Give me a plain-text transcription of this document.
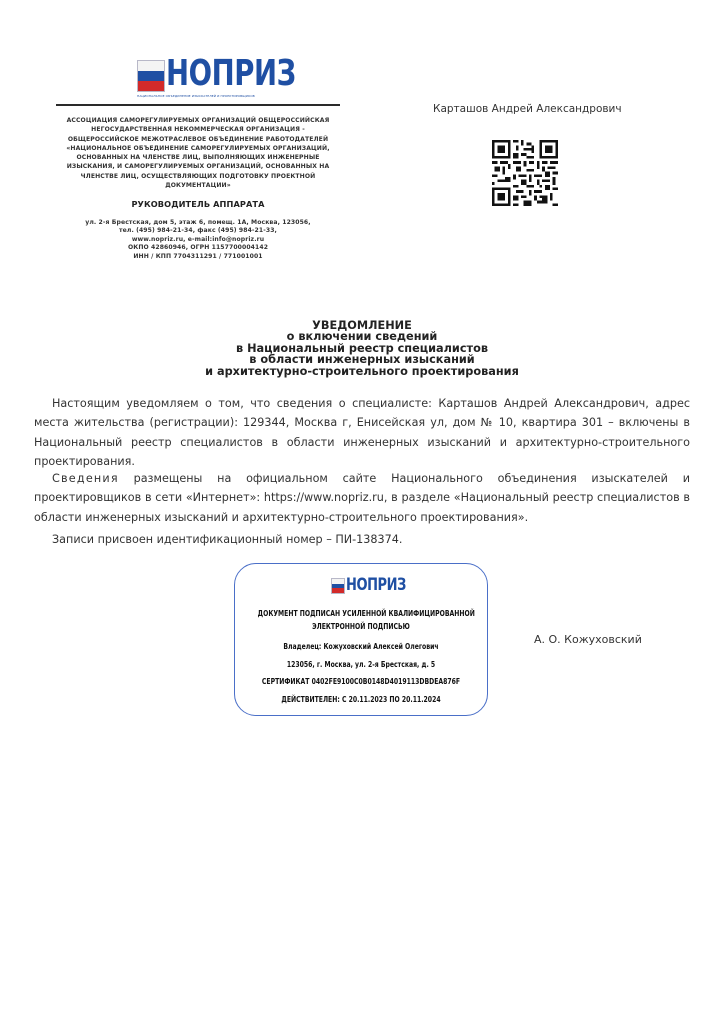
НОПРИЗ
НАЦИОНАЛЬНОЕ ОБЪЕДИНЕНИЕ ИЗЫСКАТЕЛЕЙ И ПРОЕКТИРОВЩИКОВ
АССОЦИАЦИЯ САМОРЕГУЛИРУЕМЫХ ОРГАНИЗАЦИЙ ОБЩЕРОССИЙСКАЯ
НЕГОСУДАРСТВЕННАЯ НЕКОММЕРЧЕСКАЯ ОРГАНИЗАЦИЯ -
ОБЩЕРОССИЙСКОЕ МЕЖОТРАСЛЕВОЕ ОБЪЕДИНЕНИЕ РАБОТОДАТЕЛЕЙ
«НАЦИОНАЛЬНОЕ ОБЪЕДИНЕНИЕ САМОРЕГУЛИРУЕМЫХ ОРГАНИЗАЦИЙ,
ОСНОВАННЫХ НА ЧЛЕНСТВЕ ЛИЦ, ВЫПОЛНЯЮЩИХ ИНЖЕНЕРНЫЕ
ИЗЫСКАНИЯ, И САМОРЕГУЛИРУЕМЫХ ОРГАНИЗАЦИЙ, ОСНОВАННЫХ НА
ЧЛЕНСТВЕ ЛИЦ, ОСУЩЕСТВЛЯЮЩИХ ПОДГОТОВКУ ПРОЕКТНОЙ
ДОКУМЕНТАЦИИ»
РУКОВОДИТЕЛЬ АППАРАТА
ул. 2-я Брестская, дом 5, этаж 6, помещ. 1А, Москва, 123056,
тел. (495) 984-21-34, факс (495) 984-21-33,
www.nopriz.ru, e-mail:info@nopriz.ru
ОКПО 42860946, ОГРН 1157700004142
ИНН / КПП 7704311291 / 771001001
Карташов Андрей Александрович
УВЕДОМЛЕНИЕ
о включении сведений
в Национальный реестр специалистов
в области инженерных изысканий
и архитектурно-строительного проектирования
Настоящим уведомляем о том, что сведения о специалисте: Карташов Андрей Александрович, адрес места жительства (регистрации): 129344, Москва г, Енисейская ул, дом № 10, квартира 301 – включены в Национальный реестр специалистов в области инженерных изысканий и архитектурно-строительного проектирования.
Сведения размещены на официальном сайте Национального объединения изыскателей и проектировщиков в сети «Интернет»: https://www.nopriz.ru, в разделе «Национальный реестр специалистов в области инженерных изысканий и архитектурно-строительного проектирования».
Записи присвоен идентификационный номер – ПИ-138374.
НОПРИЗ
ДОКУМЕНТ ПОДПИСАН УСИЛЕННОЙ КВАЛИФИЦИРОВАННОЙ
ЭЛЕКТРОННОЙ ПОДПИСЬЮ
Владелец: Кожуховский Алексей Олегович
123056, г. Москва, ул. 2-я Брестская, д. 5
СЕРТИФИКАТ 0402FE9100C0B0148D4019113DBDEA876F
ДЕЙСТВИТЕЛЕН: С 20.11.2023 ПО 20.11.2024
А. О. Кожуховский
